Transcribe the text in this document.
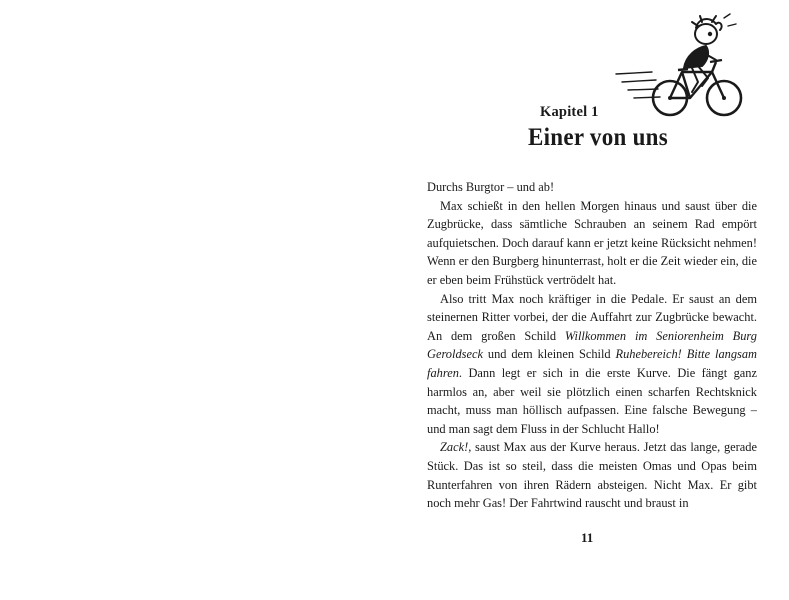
Kapitel 1
Einer von uns

Durchs Burgtor – und ab!

Max schießt in den hellen Morgen hinaus und saust über die Zugbrücke, dass sämtliche Schrauben an seinem Rad empört aufquietschen. Doch darauf kann er jetzt keine Rücksicht nehmen! Wenn er den Burgberg hinunterrast, holt er die Zeit wieder ein, die er eben beim Frühstück vertrödelt hat.

Also tritt Max noch kräftiger in die Pedale. Er saust an dem steinernen Ritter vorbei, der die Auffahrt zur Zugbrücke bewacht. An dem großen Schild Willkommen im Seniorenheim Burg Geroldseck und dem kleinen Schild Ruhebereich! Bitte langsam fahren. Dann legt er sich in die erste Kurve. Die fängt ganz harmlos an, aber weil sie plötzlich einen scharfen Rechtsknick macht, muss man höllisch aufpassen. Eine falsche Bewegung – und man sagt dem Fluss in der Schlucht Hallo!

Zack!, saust Max aus der Kurve heraus. Jetzt das lange, gerade Stück. Das ist so steil, dass die meisten Omas und Opas beim Runterfahren von ihren Rädern absteigen. Nicht Max. Er gibt noch mehr Gas! Der Fahrtwind rauscht und braust in

11
